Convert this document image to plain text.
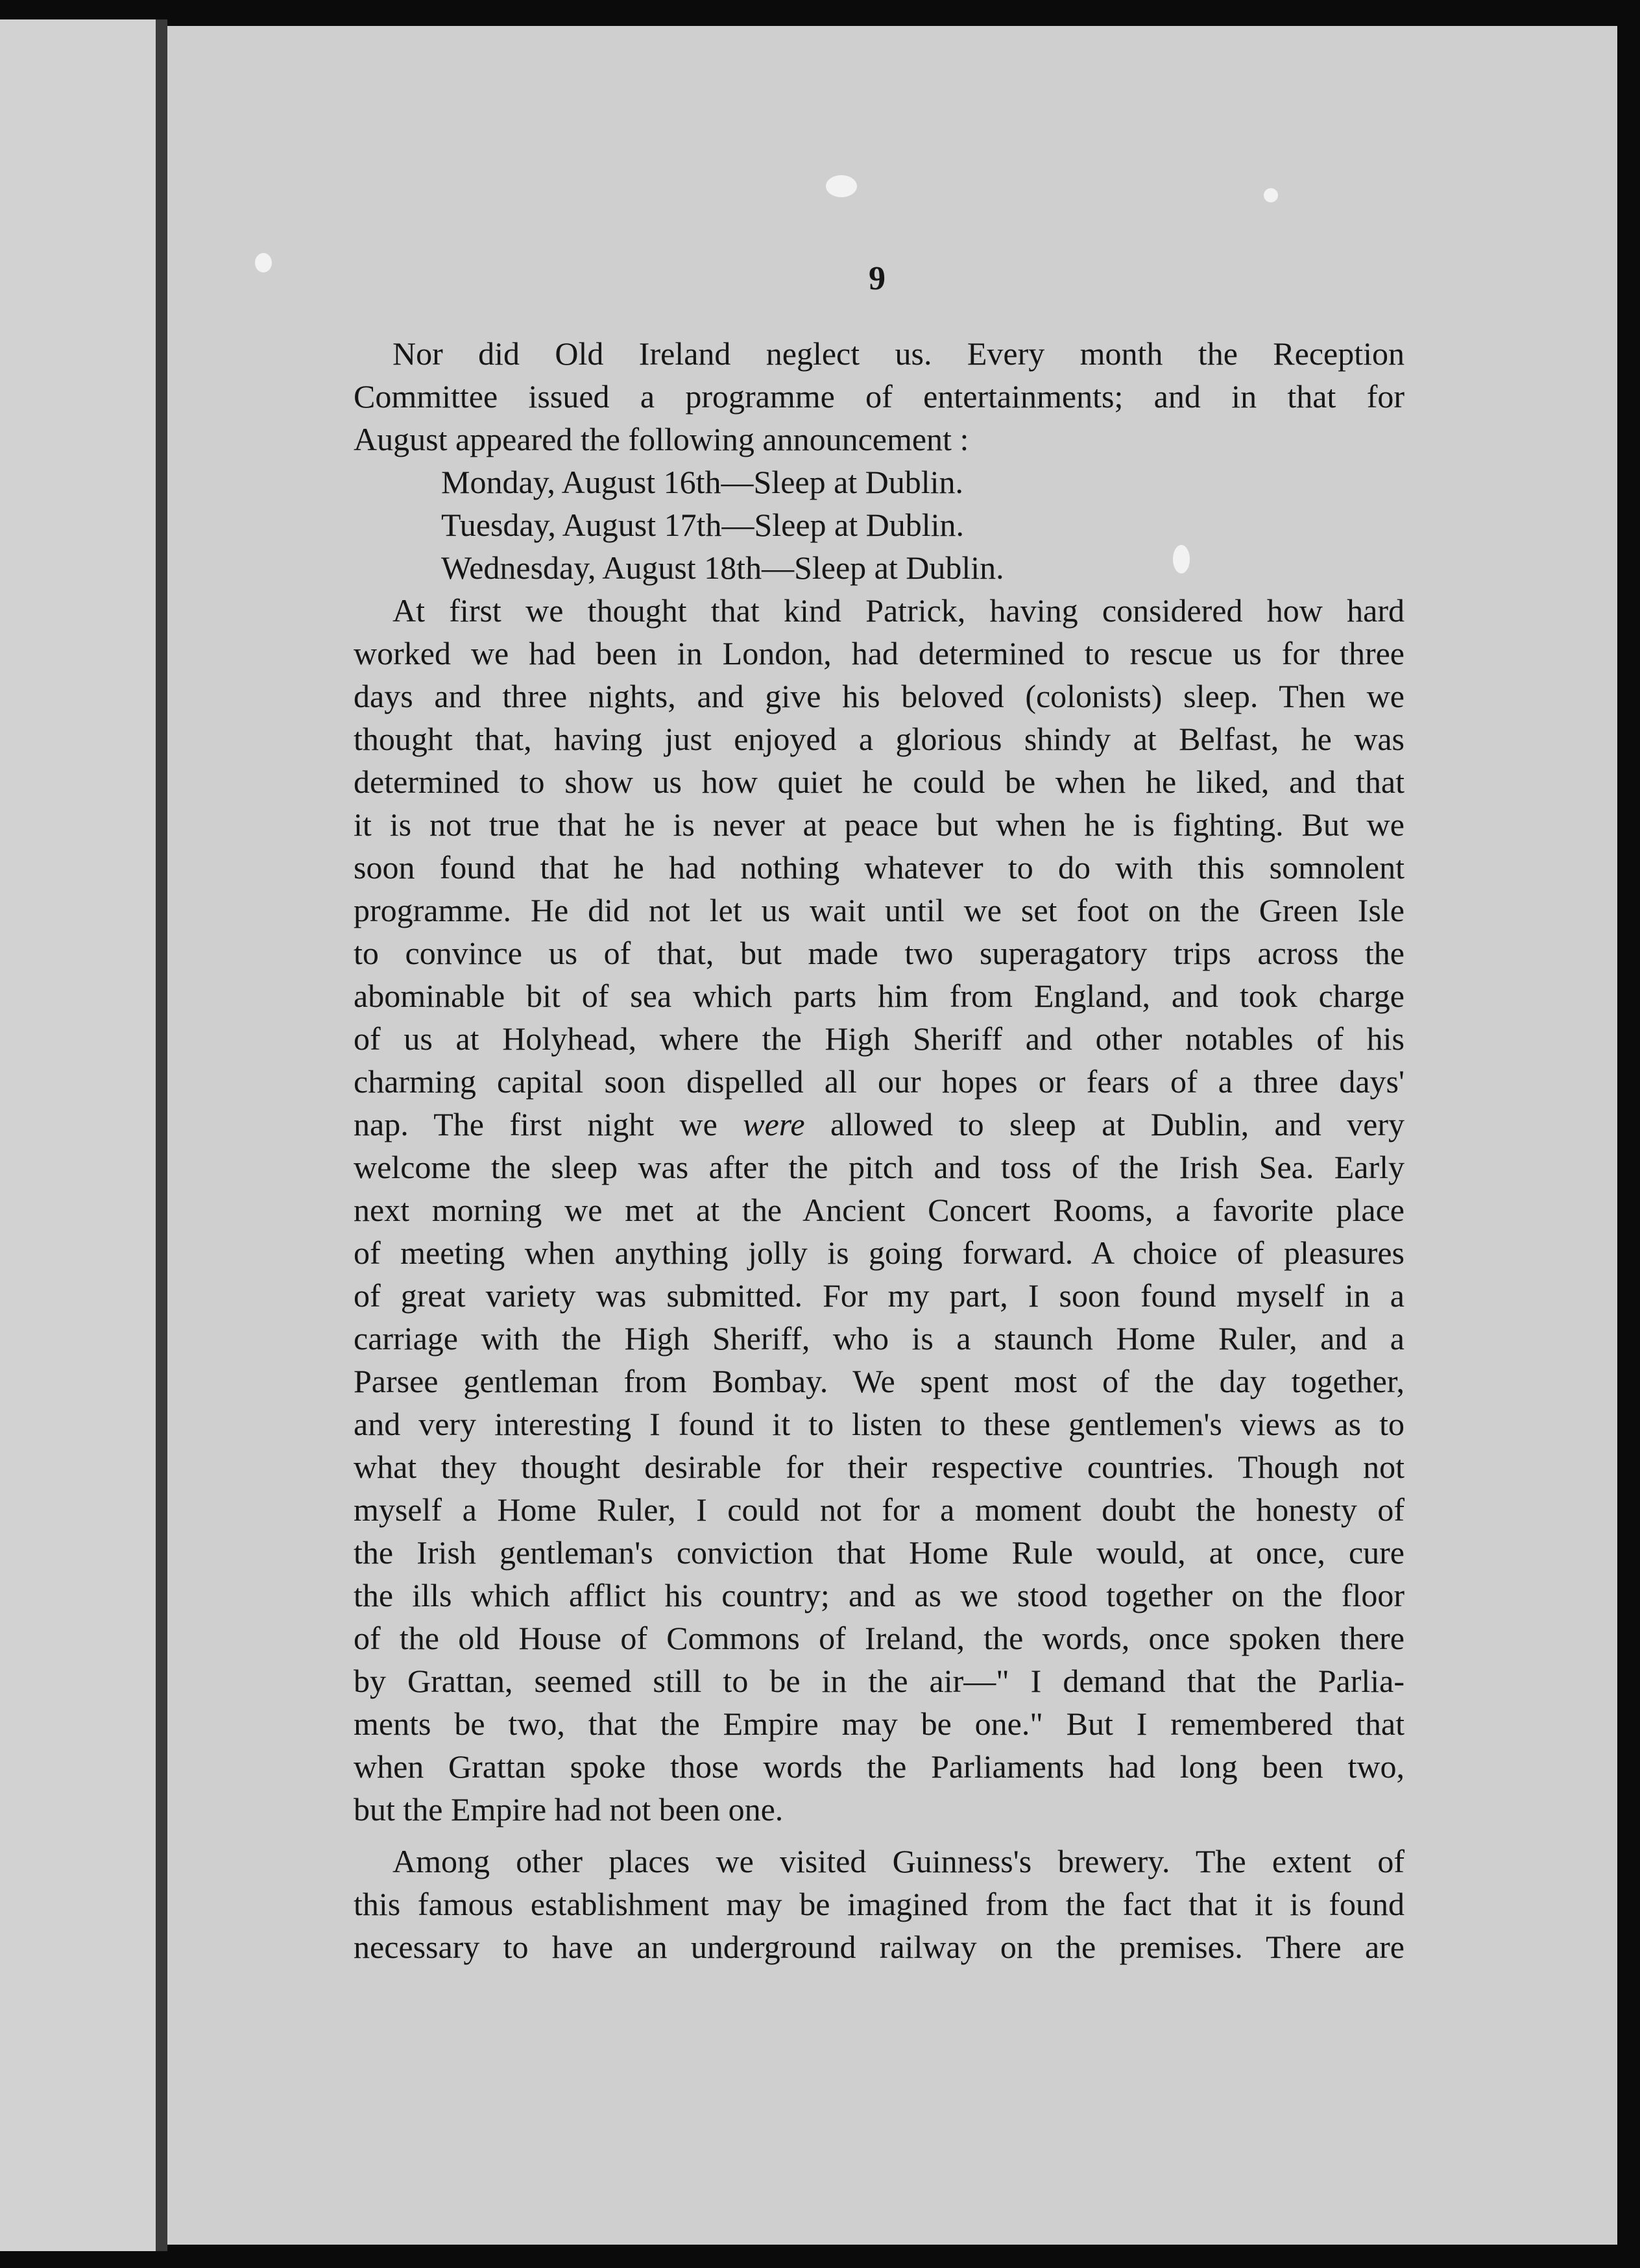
9
Nor did Old Ireland neglect us. Every month the Reception
Committee issued a programme of entertainments; and in that for
August appeared the following announcement :
Monday, August 16th—Sleep at Dublin.
Tuesday, August 17th—Sleep at Dublin.
Wednesday, August 18th—Sleep at Dublin.
At first we thought that kind Patrick, having considered how hard
worked we had been in London, had determined to rescue us for three
days and three nights, and give his beloved (colonists) sleep. Then we
thought that, having just enjoyed a glorious shindy at Belfast, he was
determined to show us how quiet he could be when he liked, and that
it is not true that he is never at peace but when he is fighting. But we
soon found that he had nothing whatever to do with this somnolent
programme. He did not let us wait until we set foot on the Green Isle
to convince us of that, but made two superagatory trips across the
abominable bit of sea which parts him from England, and took charge
of us at Holyhead, where the High Sheriff and other notables of his
charming capital soon dispelled all our hopes or fears of a three days'
nap. The first night we were allowed to sleep at Dublin, and very
welcome the sleep was after the pitch and toss of the Irish Sea. Early
next morning we met at the Ancient Concert Rooms, a favorite place
of meeting when anything jolly is going forward. A choice of pleasures
of great variety was submitted. For my part, I soon found myself in a
carriage with the High Sheriff, who is a staunch Home Ruler, and a
Parsee gentleman from Bombay. We spent most of the day together,
and very interesting I found it to listen to these gentlemen's views as to
what they thought desirable for their respective countries. Though not
myself a Home Ruler, I could not for a moment doubt the honesty of
the Irish gentleman's conviction that Home Rule would, at once, cure
the ills which afflict his country; and as we stood together on the floor
of the old House of Commons of Ireland, the words, once spoken there
by Grattan, seemed still to be in the air—" I demand that the Parlia-
ments be two, that the Empire may be one." But I remembered that
when Grattan spoke those words the Parliaments had long been two,
but the Empire had not been one.
Among other places we visited Guinness's brewery. The extent of
this famous establishment may be imagined from the fact that it is found
necessary to have an underground railway on the premises. There are
